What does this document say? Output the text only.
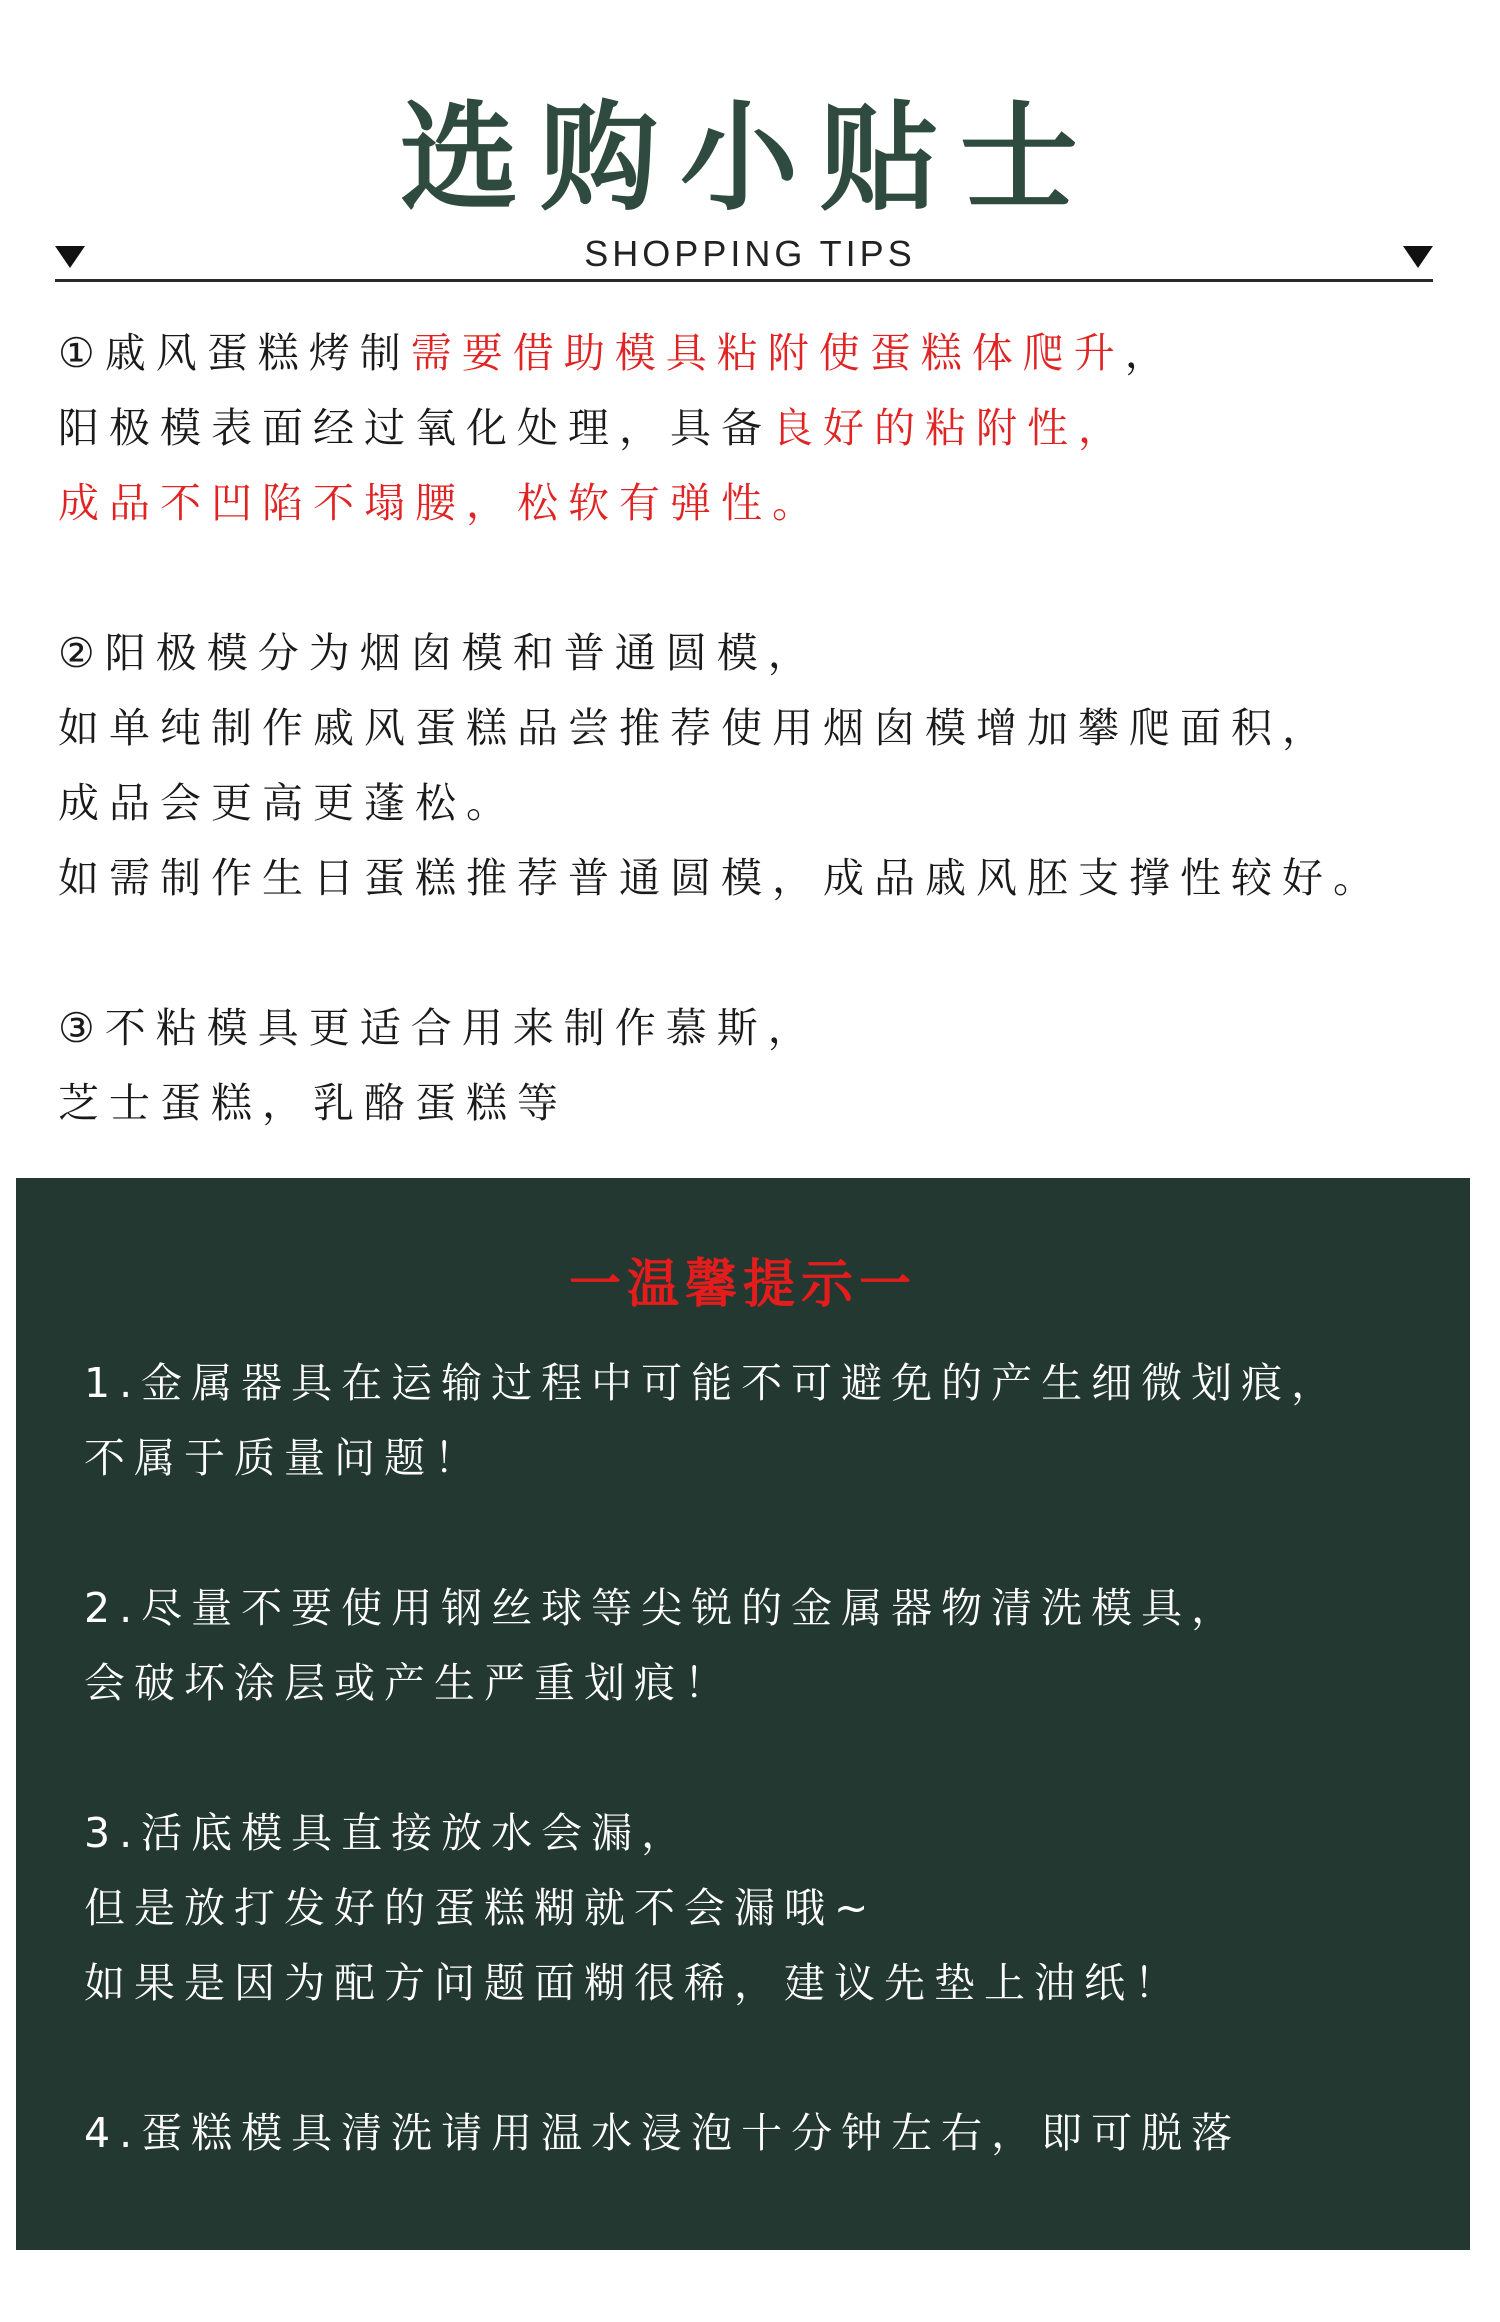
选购小贴士
SHOPPING TIPS
①戚风蛋糕烤制需要借助模具粘附使蛋糕体爬升，
阳极模表面经过氧化处理，具备良好的粘附性，
成品不凹陷不塌腰，松软有弹性。
②阳极模分为烟囱模和普通圆模，
如单纯制作戚风蛋糕品尝推荐使用烟囱模增加攀爬面积，
成品会更高更蓬松。
如需制作生日蛋糕推荐普通圆模，成品戚风胚支撑性较好。
③不粘模具更适合用来制作慕斯，
芝士蛋糕，乳酪蛋糕等
一温馨提示一
1.金属器具在运输过程中可能不可避免的产生细微划痕，
不属于质量问题！
2.尽量不要使用钢丝球等尖锐的金属器物清洗模具，
会破坏涂层或产生严重划痕！
3.活底模具直接放水会漏，
但是放打发好的蛋糕糊就不会漏哦~
如果是因为配方问题面糊很稀，建议先垫上油纸！
4.蛋糕模具清洗请用温水浸泡十分钟左右，即可脱落
